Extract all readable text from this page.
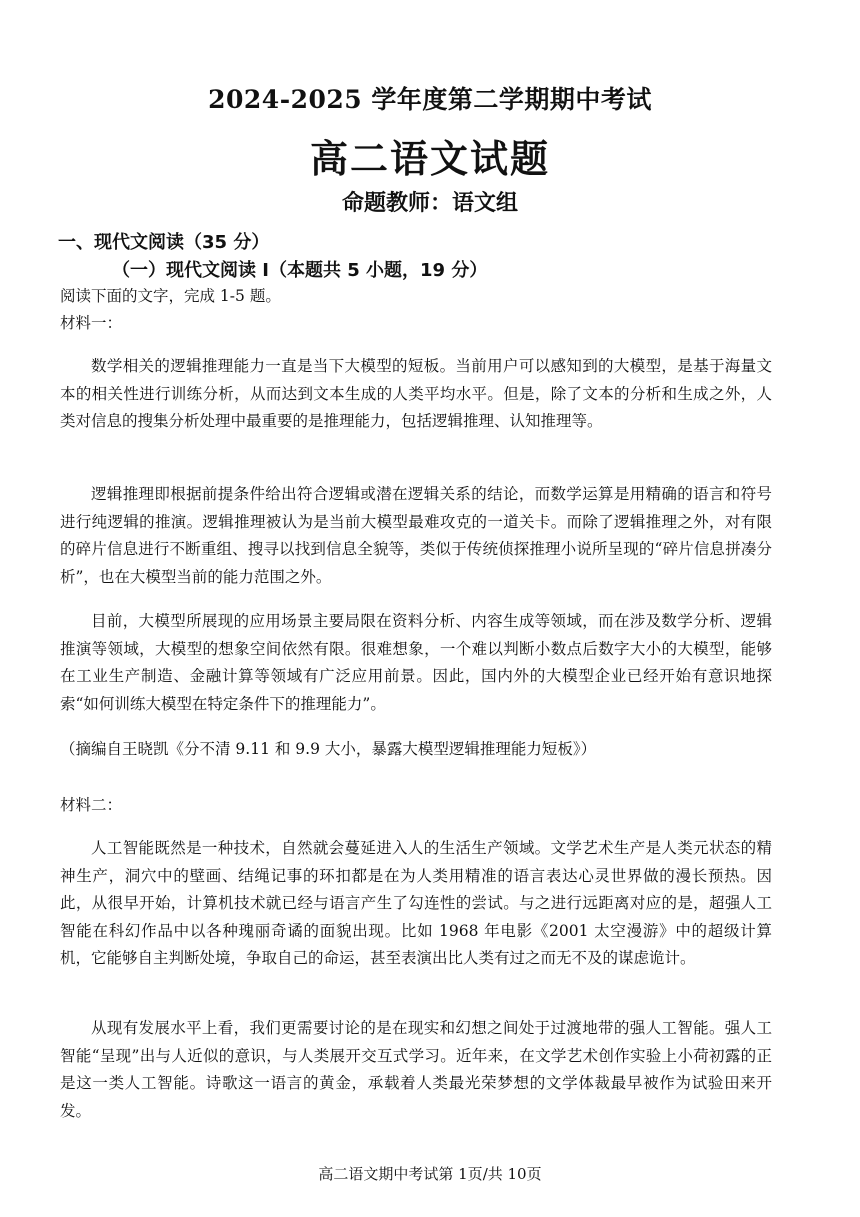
2024-2025 学年度第二学期期中考试
高二语文试题
命题教师：语文组
一、现代文阅读（35 分）
（一）现代文阅读 I（本题共 5 小题，19 分）
阅读下面的文字，完成 1-5 题。
材料一：

数学相关的逻辑推理能力一直是当下大模型的短板。当前用户可以感知到的大模型，是基于海量文本的相关性进行训练分析，从而达到文本生成的人类平均水平。但是，除了文本的分析和生成之外，人类对信息的搜集分析处理中最重要的是推理能力，包括逻辑推理、认知推理等。

逻辑推理即根据前提条件给出符合逻辑或潜在逻辑关系的结论，而数学运算是用精确的语言和符号进行纯逻辑的推演。逻辑推理被认为是当前大模型最难攻克的一道关卡。而除了逻辑推理之外，对有限的碎片信息进行不断重组、搜寻以找到信息全貌等，类似于传统侦探推理小说所呈现的“碎片信息拼凑分析”，也在大模型当前的能力范围之外。

目前，大模型所展现的应用场景主要局限在资料分析、内容生成等领域，而在涉及数学分析、逻辑推演等领域，大模型的想象空间依然有限。很难想象，一个难以判断小数点后数字大小的大模型，能够在工业生产制造、金融计算等领域有广泛应用前景。因此，国内外的大模型企业已经开始有意识地探索“如何训练大模型在特定条件下的推理能力”。

（摘编自王晓凯《分不清 9.11 和 9.9 大小，暴露大模型逻辑推理能力短板》）
材料二：

人工智能既然是一种技术，自然就会蔓延进入人的生活生产领域。文学艺术生产是人类元状态的精神生产，洞穴中的壁画、结绳记事的环扣都是在为人类用精准的语言表达心灵世界做的漫长预热。因此，从很早开始，计算机技术就已经与语言产生了勾连性的尝试。与之进行远距离对应的是，超强人工智能在科幻作品中以各种瑰丽奇谲的面貌出现。比如 1968 年电影《2001 太空漫游》中的超级计算机，它能够自主判断处境，争取自己的命运，甚至表演出比人类有过之而无不及的谋虑诡计。

从现有发展水平上看，我们更需要讨论的是在现实和幻想之间处于过渡地带的强人工智能。强人工智能“呈现”出与人近似的意识，与人类展开交互式学习。近年来，在文学艺术创作实验上小荷初露的正是这一类人工智能。诗歌这一语言的黄金，承载着人类最光荣梦想的文学体裁最早被作为试验田来开发。

高二语文期中考试第 1页/共 10页
